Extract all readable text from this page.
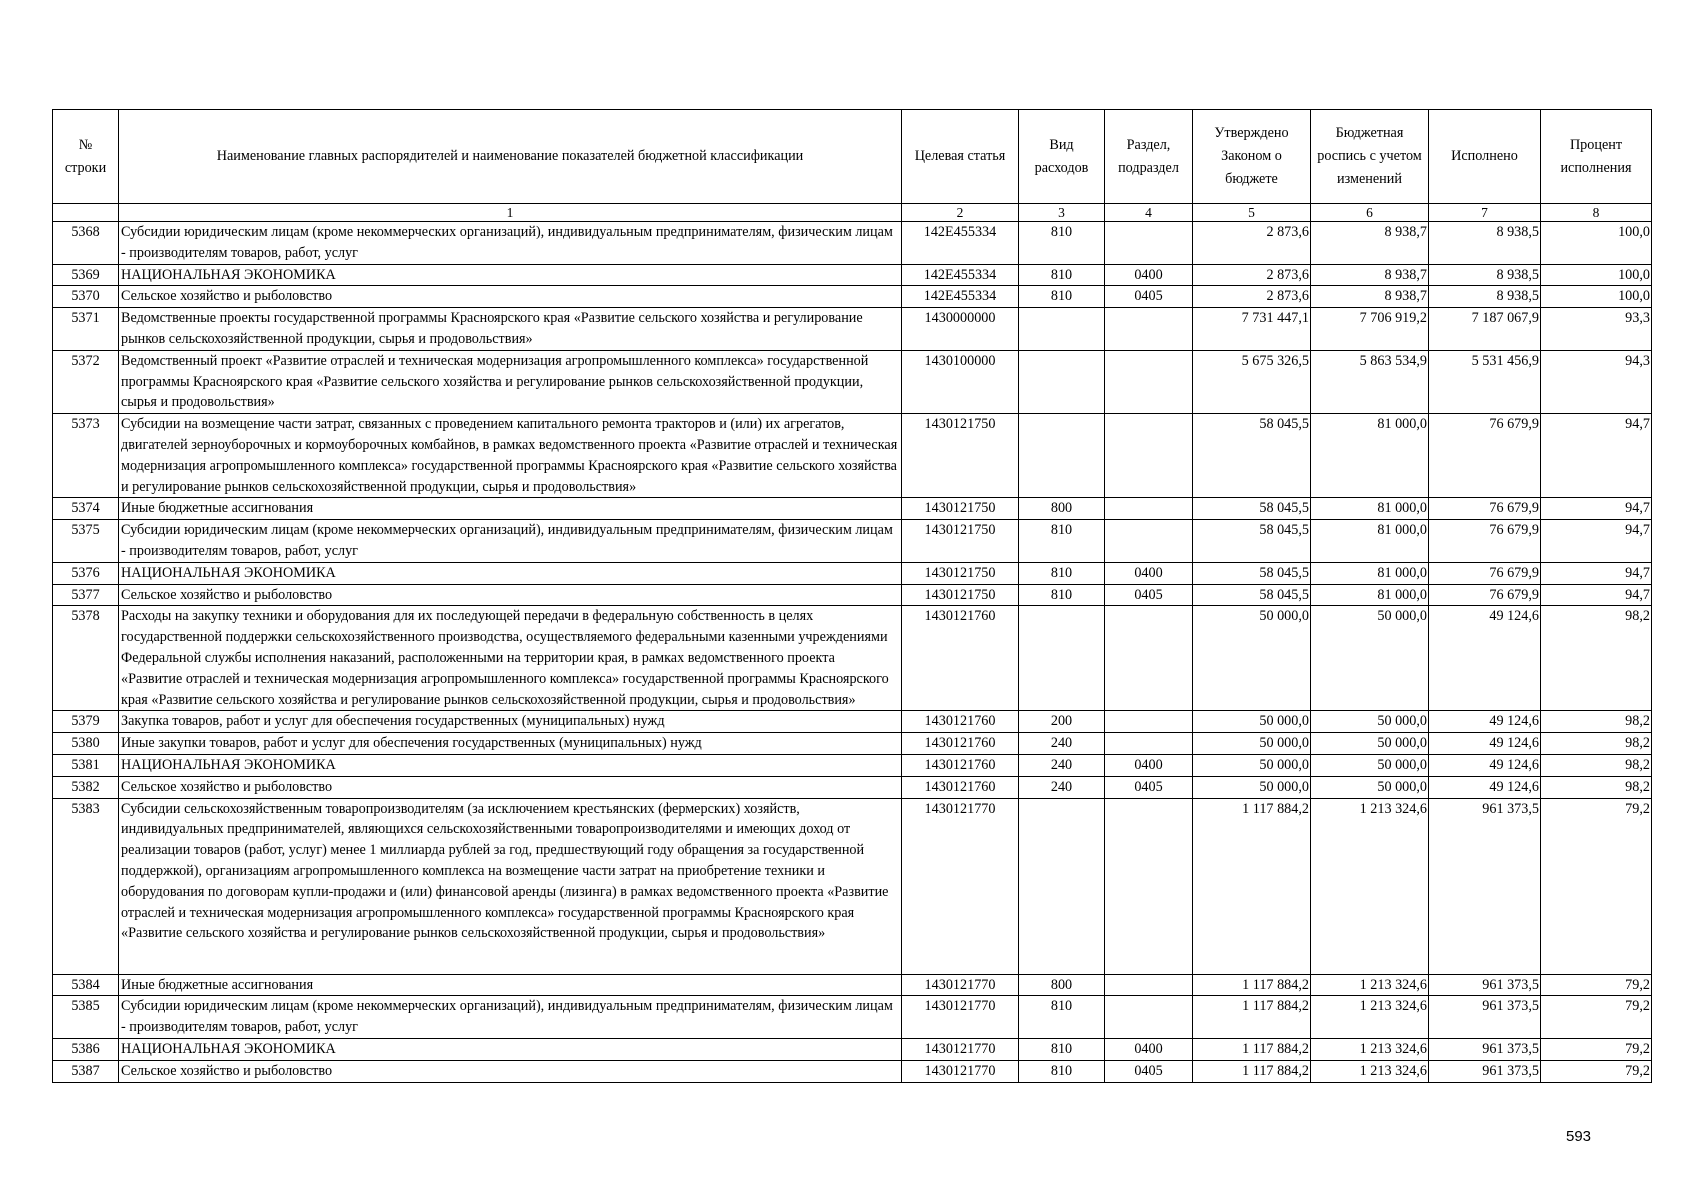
№ строки	Наименование главных распорядителей и наименование показателей бюджетной классификации	Целевая статья	Вид расходов	Раздел, подраздел	Утверждено Законом о бюджете	Бюджетная роспись с учетом изменений	Исполнено	Процент исполнения
	1	2	3	4	5	6	7	8
5368	Субсидии юридическим лицам (кроме некоммерческих организаций), индивидуальным предпринимателям, физическим лицам - производителям товаров, работ, услуг	142E455334	810		2 873,6	8 938,7	8 938,5	100,0
5369	НАЦИОНАЛЬНАЯ ЭКОНОМИКА	142E455334	810	0400	2 873,6	8 938,7	8 938,5	100,0
5370	Сельское хозяйство и рыболовство	142E455334	810	0405	2 873,6	8 938,7	8 938,5	100,0
5371	Ведомственные проекты государственной программы Красноярского края «Развитие сельского хозяйства и регулирование рынков сельскохозяйственной продукции, сырья и продовольствия»	1430000000			7 731 447,1	7 706 919,2	7 187 067,9	93,3
5372	Ведомственный проект «Развитие отраслей и техническая модернизация агропромышленного комплекса» государственной программы Красноярского края «Развитие сельского хозяйства и регулирование рынков сельскохозяйственной продукции, сырья и продовольствия»	1430100000			5 675 326,5	5 863 534,9	5 531 456,9	94,3
5373	Субсидии на возмещение части затрат, связанных с проведением капитального ремонта тракторов и (или) их агрегатов, двигателей зерноуборочных и кормоуборочных комбайнов, в рамках ведомственного проекта «Развитие отраслей и техническая модернизация агропромышленного комплекса» государственной программы Красноярского края «Развитие сельского хозяйства и регулирование рынков сельскохозяйственной продукции, сырья и продовольствия»	1430121750			58 045,5	81 000,0	76 679,9	94,7
5374	Иные бюджетные ассигнования	1430121750	800		58 045,5	81 000,0	76 679,9	94,7
5375	Субсидии юридическим лицам (кроме некоммерческих организаций), индивидуальным предпринимателям, физическим лицам - производителям товаров, работ, услуг	1430121750	810		58 045,5	81 000,0	76 679,9	94,7
5376	НАЦИОНАЛЬНАЯ ЭКОНОМИКА	1430121750	810	0400	58 045,5	81 000,0	76 679,9	94,7
5377	Сельское хозяйство и рыболовство	1430121750	810	0405	58 045,5	81 000,0	76 679,9	94,7
5378	Расходы на закупку техники и оборудования для их последующей передачи в федеральную собственность в целях государственной поддержки сельскохозяйственного производства, осуществляемого федеральными казенными учреждениями Федеральной службы исполнения наказаний, расположенными на территории края, в рамках ведомственного проекта «Развитие отраслей и техническая модернизация агропромышленного комплекса» государственной программы Красноярского края «Развитие сельского хозяйства и регулирование рынков сельскохозяйственной продукции, сырья и продовольствия»	1430121760			50 000,0	50 000,0	49 124,6	98,2
5379	Закупка товаров, работ и услуг для обеспечения государственных (муниципальных) нужд	1430121760	200		50 000,0	50 000,0	49 124,6	98,2
5380	Иные закупки товаров, работ и услуг для обеспечения государственных (муниципальных) нужд	1430121760	240		50 000,0	50 000,0	49 124,6	98,2
5381	НАЦИОНАЛЬНАЯ ЭКОНОМИКА	1430121760	240	0400	50 000,0	50 000,0	49 124,6	98,2
5382	Сельское хозяйство и рыболовство	1430121760	240	0405	50 000,0	50 000,0	49 124,6	98,2
5383	Субсидии сельскохозяйственным товаропроизводителям (за исключением крестьянских (фермерских) хозяйств, индивидуальных предпринимателей, являющихся сельскохозяйственными товаропроизводителями и имеющих доход от реализации товаров (работ, услуг) менее 1 миллиарда рублей за год, предшествующий году обращения за государственной поддержкой), организациям агропромышленного комплекса на возмещение части затрат на приобретение техники и оборудования по договорам купли-продажи и (или) финансовой аренды (лизинга) в рамках ведомственного проекта «Развитие отраслей и техническая модернизация агропромышленного комплекса» государственной программы Красноярского края «Развитие сельского хозяйства и регулирование рынков сельскохозяйственной продукции, сырья и продовольствия»	1430121770			1 117 884,2	1 213 324,6	961 373,5	79,2
5384	Иные бюджетные ассигнования	1430121770	800		1 117 884,2	1 213 324,6	961 373,5	79,2
5385	Субсидии юридическим лицам (кроме некоммерческих организаций), индивидуальным предпринимателям, физическим лицам - производителям товаров, работ, услуг	1430121770	810		1 117 884,2	1 213 324,6	961 373,5	79,2
5386	НАЦИОНАЛЬНАЯ ЭКОНОМИКА	1430121770	810	0400	1 117 884,2	1 213 324,6	961 373,5	79,2
5387	Сельское хозяйство и рыболовство	1430121770	810	0405	1 117 884,2	1 213 324,6	961 373,5	79,2
593
